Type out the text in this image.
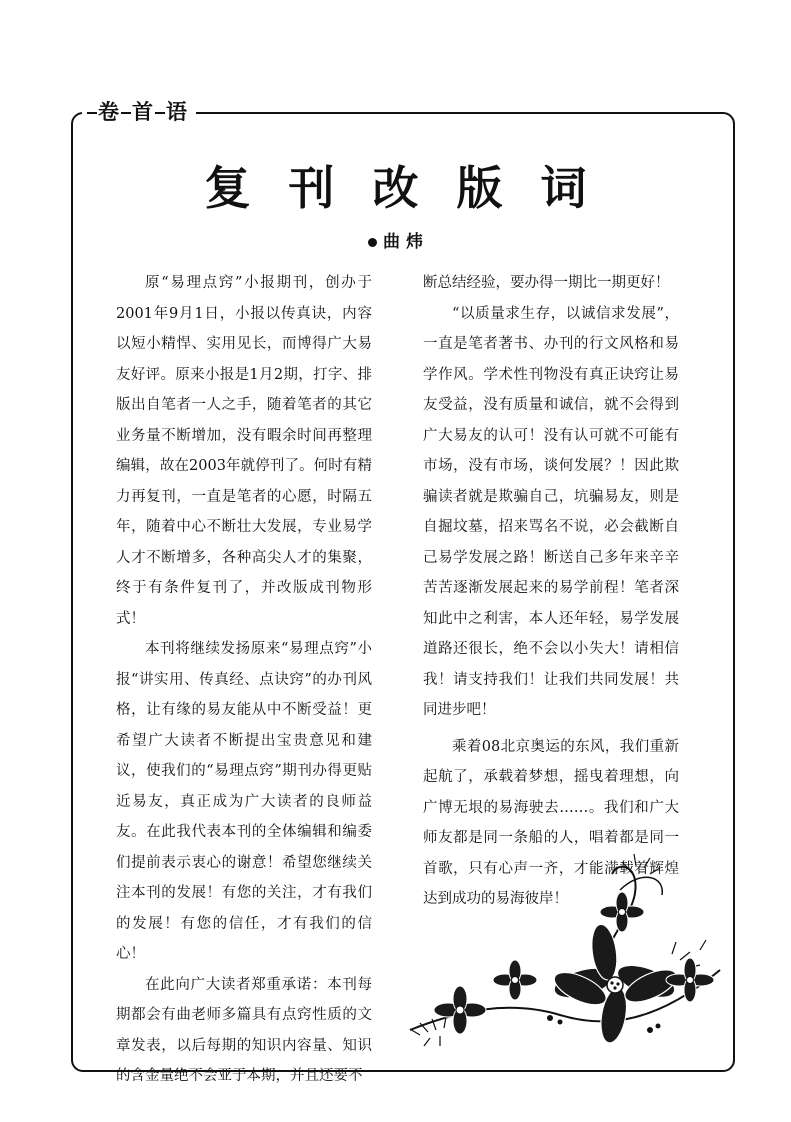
卷 首 语
复刊改版词
曲 炜

原“易理点窍”小报期刊，创办于2001年9月1日，小报以传真诀，内容以短小精悍、实用见长，而博得广大易友好评。原来小报是1月2期，打字、排版出自笔者一人之手，随着笔者的其它业务量不断增加，没有暇余时间再整理编辑，故在2003年就停刊了。何时有精力再复刊，一直是笔者的心愿，时隔五年，随着中心不断壮大发展，专业易学人才不断增多，各种高尖人才的集聚，终于有条件复刊了，并改版成刊物形式！

本刊将继续发扬原来“易理点窍”小报“讲实用、传真经、点诀窍”的办刊风格，让有缘的易友能从中不断受益！更希望广大读者不断提出宝贵意见和建议，使我们的“易理点窍”期刊办得更贴近易友，真正成为广大读者的良师益友。在此我代表本刊的全体编辑和编委们提前表示衷心的谢意！希望您继续关注本刊的发展！有您的关注，才有我们的发展！有您的信任，才有我们的信心！

在此向广大读者郑重承诺：本刊每期都会有曲老师多篇具有点窍性质的文章发表，以后每期的知识内容量、知识的含金量绝不会亚于本期，并且还要不

断总结经验，要办得一期比一期更好！

“以质量求生存，以诚信求发展”，一直是笔者著书、办刊的行文风格和易学作风。学术性刊物没有真正诀窍让易友受益，没有质量和诚信，就不会得到广大易友的认可！没有认可就不可能有市场，没有市场，谈何发展？！因此欺骗读者就是欺骗自己，坑骗易友，则是自掘坟墓，招来骂名不说，必会截断自己易学发展之路！断送自己多年来辛辛苦苦逐渐发展起来的易学前程！笔者深知此中之利害，本人还年轻，易学发展道路还很长，绝不会以小失大！请相信我！请支持我们！让我们共同发展！共同进步吧！

乘着08北京奥运的东风，我们重新起航了，承载着梦想，摇曳着理想，向广博无垠的易海驶去……。我们和广大师友都是同一条船的人，唱着都是同一首歌，只有心声一齐，才能满载着辉煌达到成功的易海彼岸！
